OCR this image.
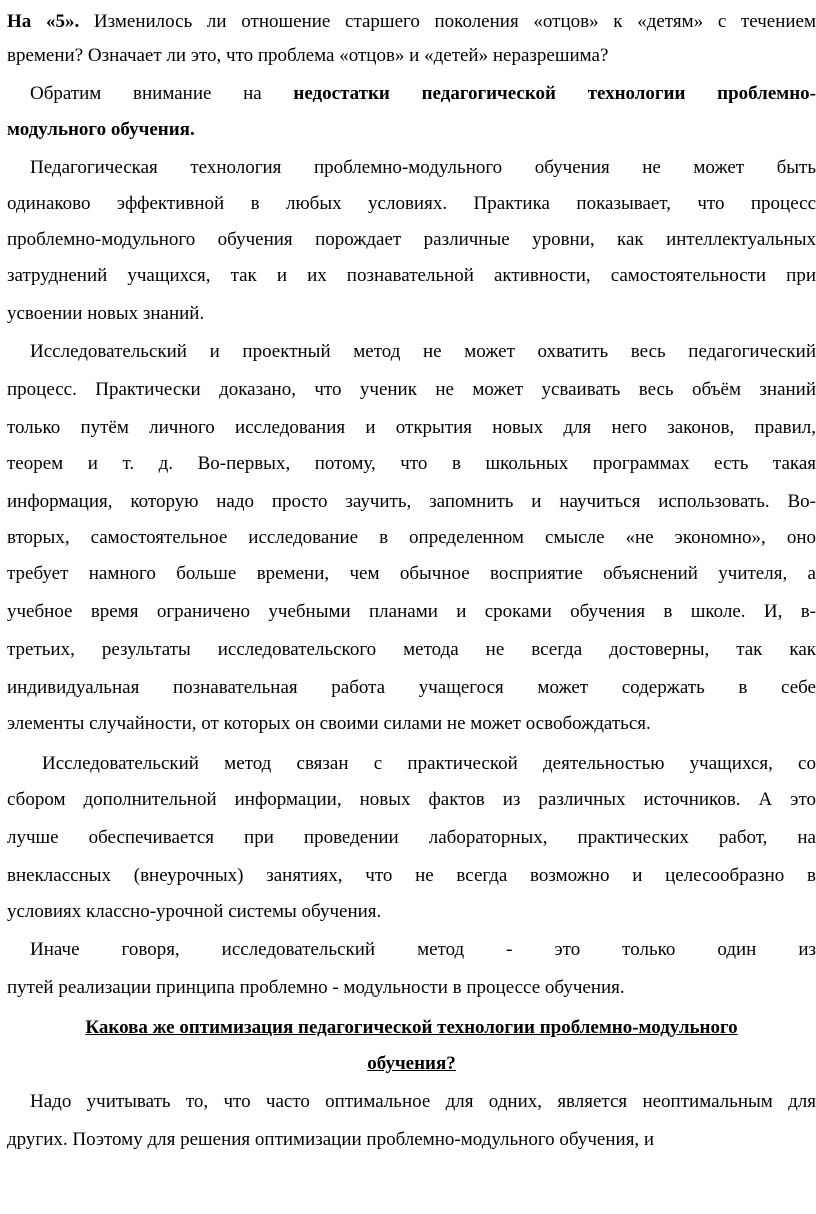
На «5». Изменилось ли отношение старшего поколения «отцов» к «детям» с течением
времени? Означает ли это, что проблема «отцов» и «детей» неразрешима?
Обратим внимание на недостатки педагогической технологии проблемно-
модульного обучения.
Педагогическая технология проблемно-модульного обучения не может быть
одинаково эффективной в любых условиях. Практика показывает, что процесс
проблемно-модульного обучения порождает различные уровни, как интеллектуальных
затруднений учащихся, так и их познавательной активности, самостоятельности при
усвоении новых знаний.
Исследовательский и проектный метод не может охватить весь педагогический
процесс. Практически доказано, что ученик не может усваивать весь объём знаний
только путём личного исследования и открытия новых для него законов, правил,
теорем и т. д. Во-первых, потому, что в школьных программах есть такая
информация, которую надо просто заучить, запомнить и научиться использовать. Во-
вторых, самостоятельное исследование в определенном смысле «не экономно», оно
требует намного больше времени, чем обычное восприятие объяснений учителя, а
учебное время ограничено учебными планами и сроками обучения в школе. И, в-
третьих, результаты исследовательского метода не всегда достоверны, так как
индивидуальная познавательная работа учащегося может содержать в себе
элементы случайности, от которых он своими силами не может освобождаться.
Исследовательский метод связан с практической деятельностью учащихся, со
сбором дополнительной информации, новых фактов из различных источников. А это
лучше обеспечивается при проведении лабораторных, практических работ, на
внеклассных (внеурочных) занятиях, что не всегда возможно и целесообразно в
условиях классно-урочной системы обучения.
Иначе говоря, исследовательский метод - это только один из
путей реализации принципа проблемно - модульности в процессе обучения.
Какова же оптимизация педагогической технологии проблемно-модульного
обучения?
Надо учитывать то, что часто оптимальное для одних, является неоптимальным для
других. Поэтому для решения оптимизации проблемно-модульного обучения, и
